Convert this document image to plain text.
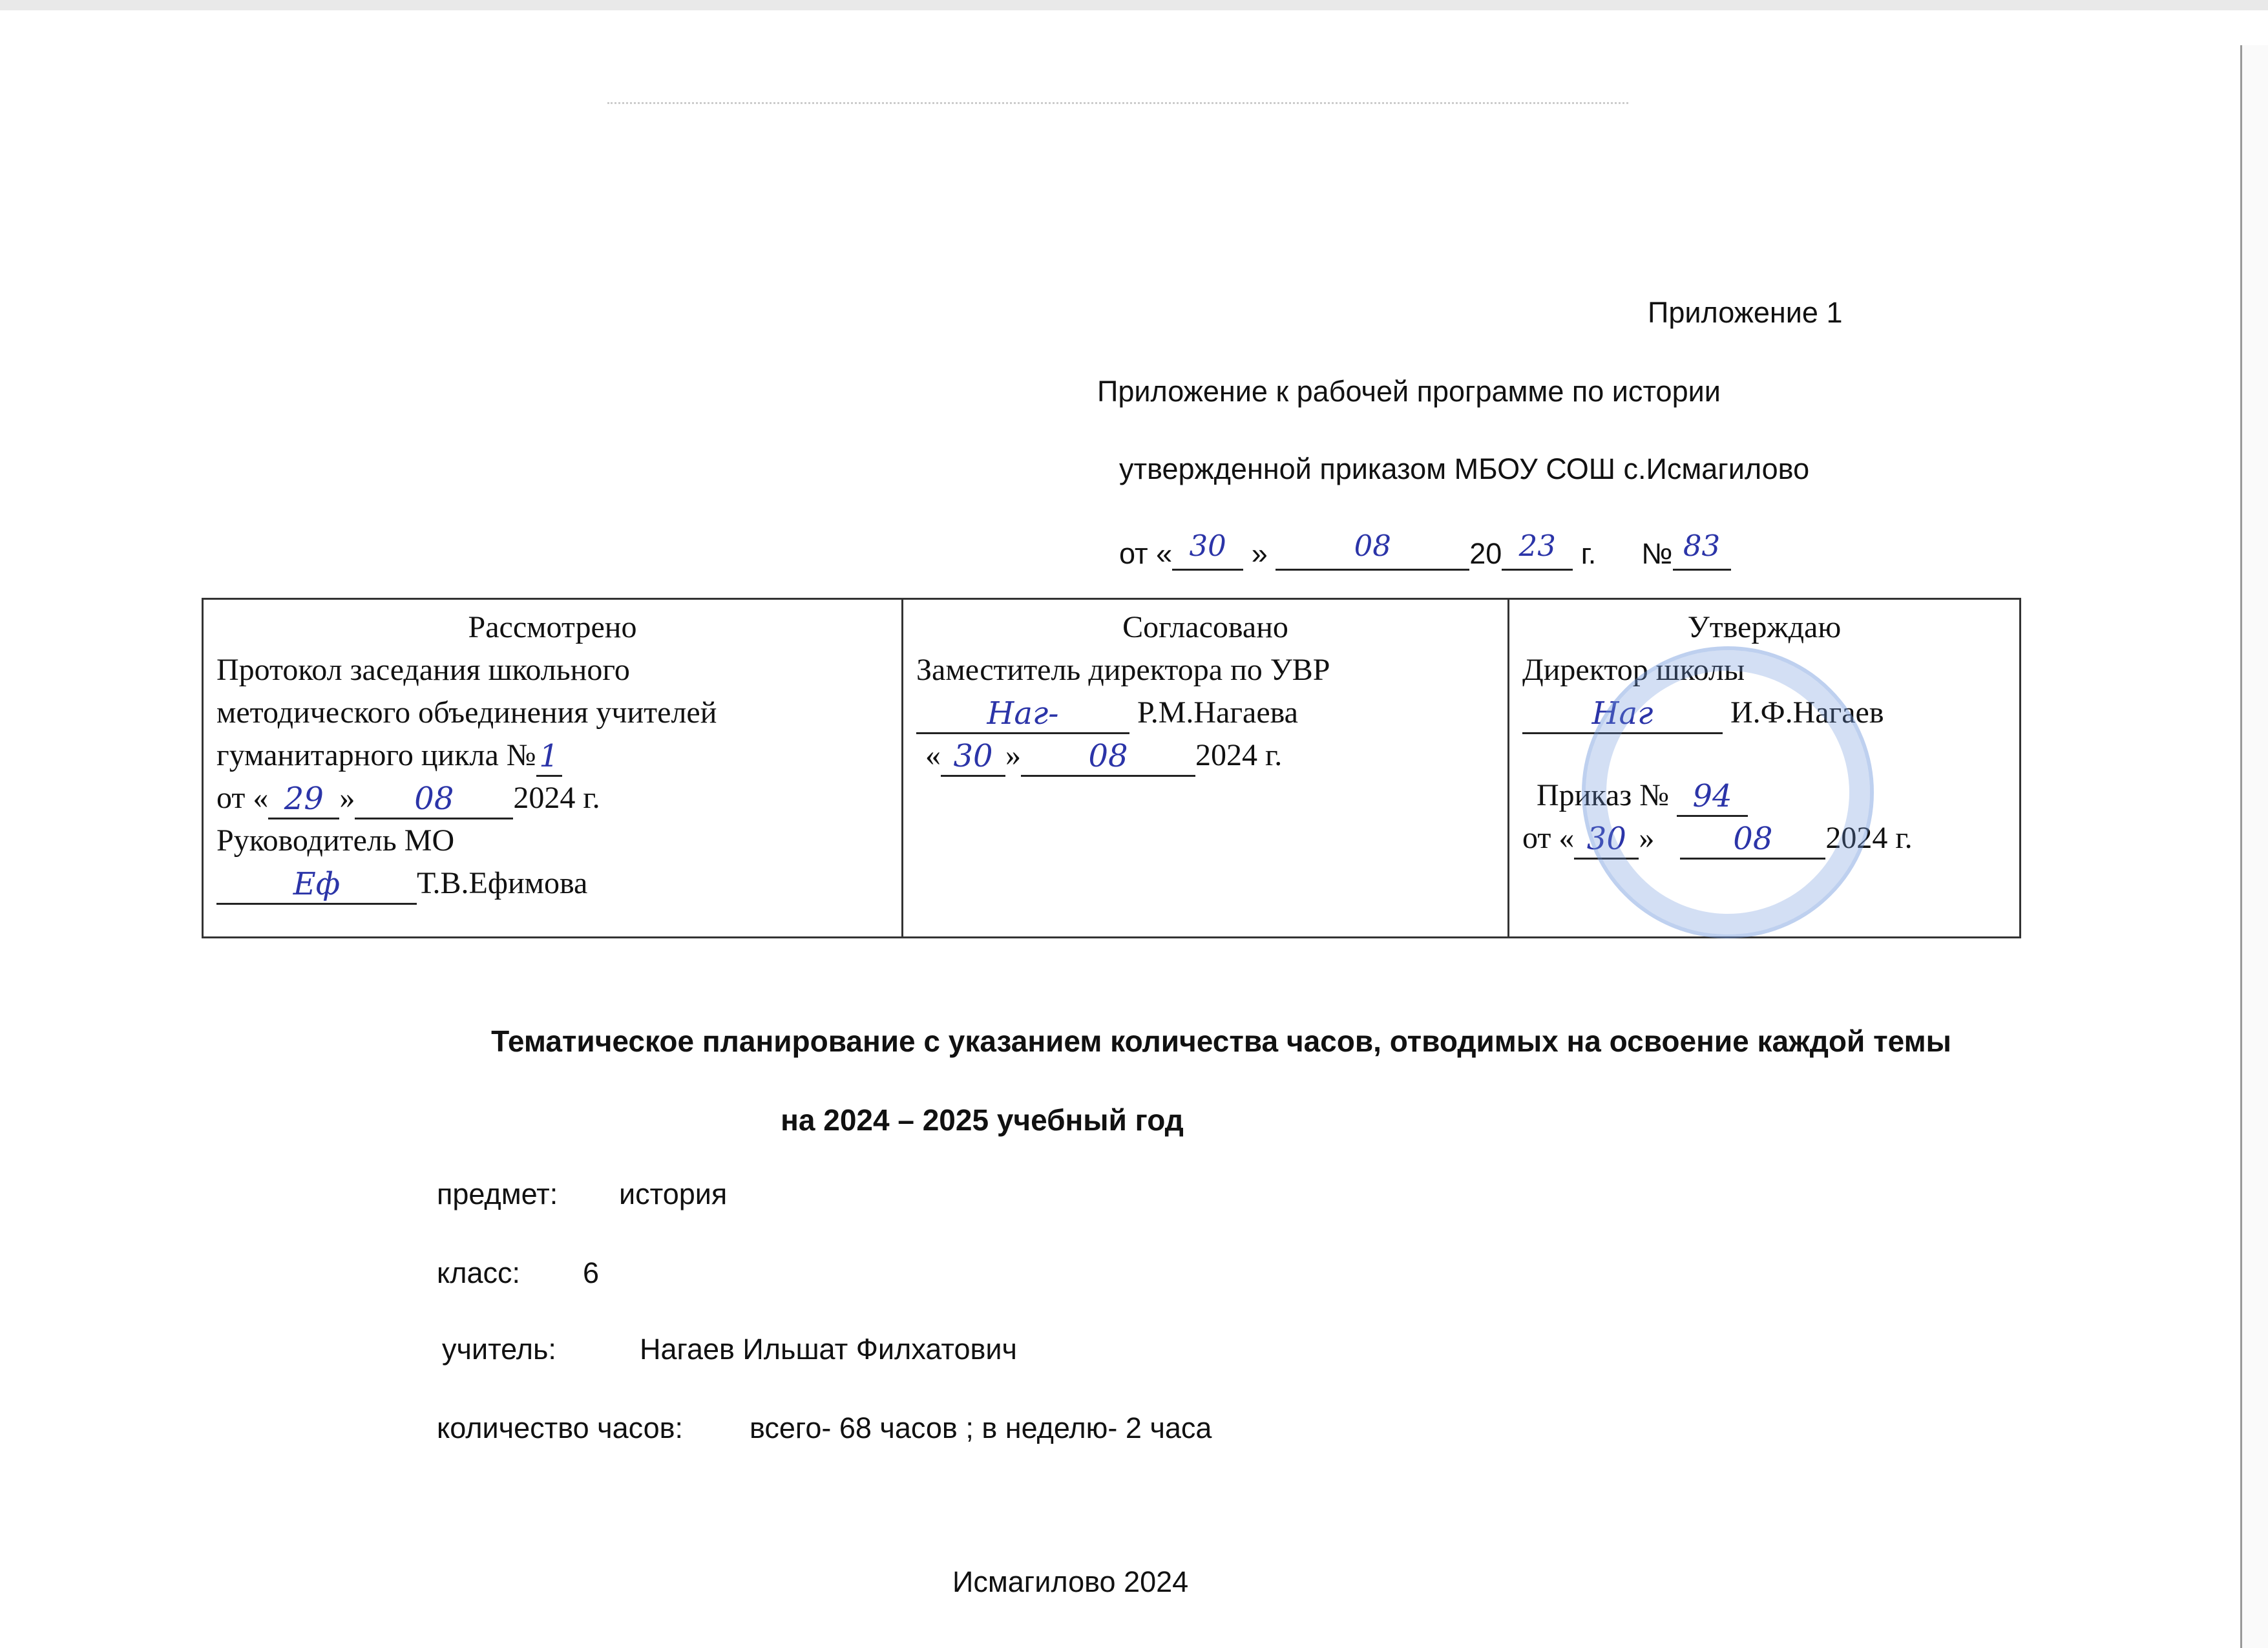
Приложение 1
Приложение к рабочей программе по истории
утвержденной приказом МБОУ СОШ с.Исмагилово
от « 30 »	08	20 23 г. № 83
Рассмотрено
Протокол заседания школьного
методического объединения учителей
гуманитарного цикла №1
от « 29 » 08 2024 г.
Руководитель МО
Eф Т.В.Ефимова

Согласовано
Заместитель директора по УВР
Наг- Р.М.Нагаева
« 30 » 08 2024 г.

Утверждаю
Директор школы
Наг И.Ф.Нагаев
Приказ № 94
от « 30 »	08 2024 г.
Тематическое планирование с указанием количества часов, отводимых на освоение каждой темы
на 2024 – 2025 учебный год
предмет: история
класс: 6
учитель:	Нагаев Ильшат Филхатович
количество часов: всего- 68 часов ; в неделю- 2 часа
Исмагилово 2024
